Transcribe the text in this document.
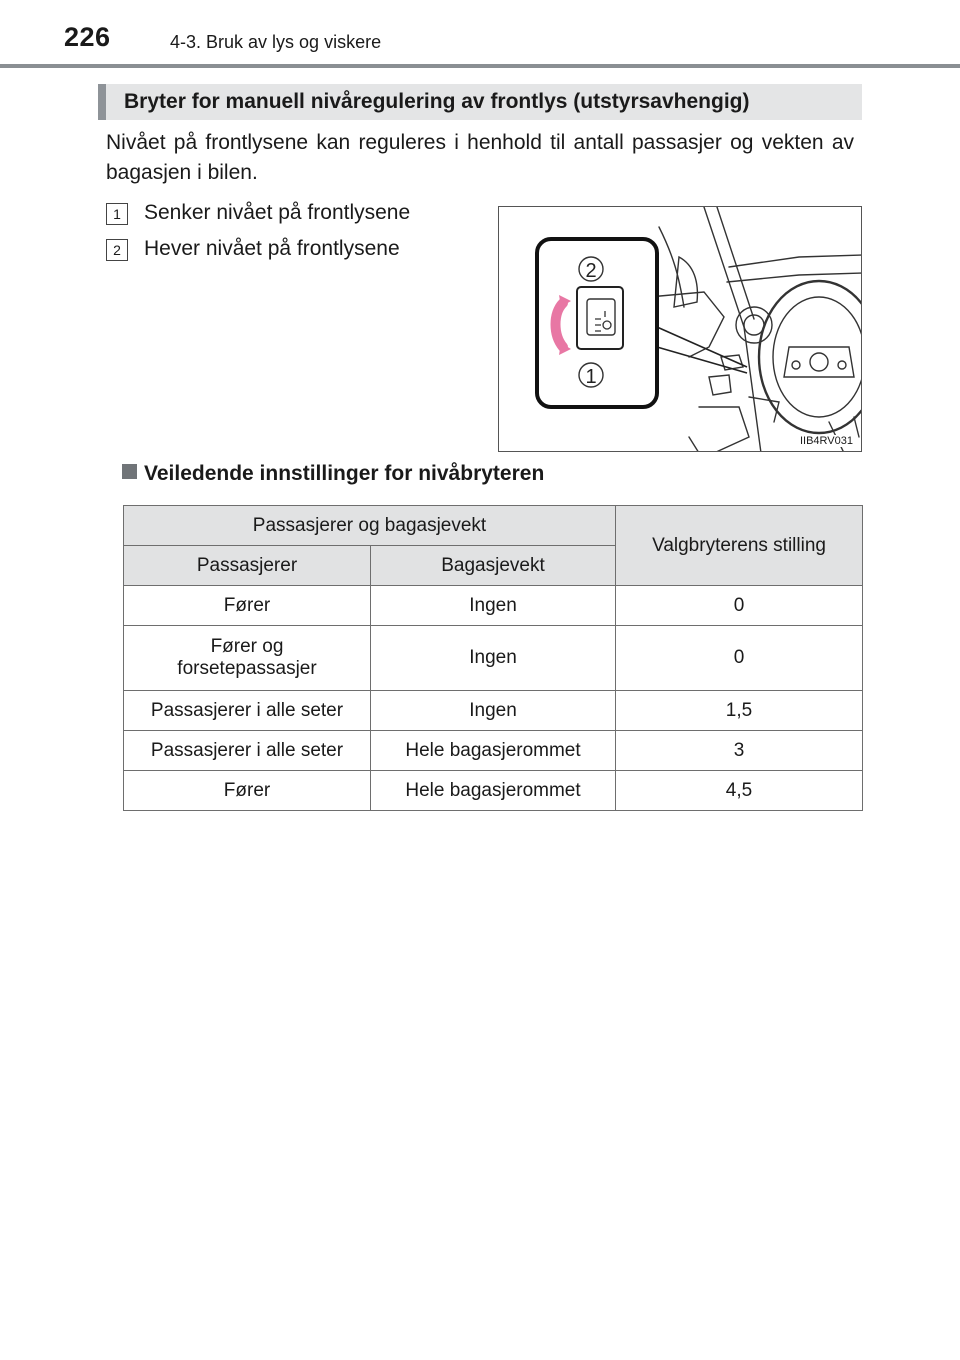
226	4-3. Bruk av lys og viskere
Bryter for manuell nivåregulering av frontlys (utstyrsavhengig)
Nivået på frontlysene kan reguleres i henhold til antall passasjer og vekten av bagasjen i bilen.
1	Senker nivået på frontlysene
2	Hever nivået på frontlysene
2
1
IIB4RV031
Veiledende innstillinger for nivåbryteren
Passasjerer og bagasjevekt		Valgbryterens stilling
Passasjerer	Bagasjevekt	
Fører	Ingen	0

Fører og
forsetepassasjer	Ingen	0
Passasjerer i alle seter	Ingen	1,5
Passasjerer i alle seter	Hele bagasjerommet	3
Fører	Hele bagasjerommet	4,5
